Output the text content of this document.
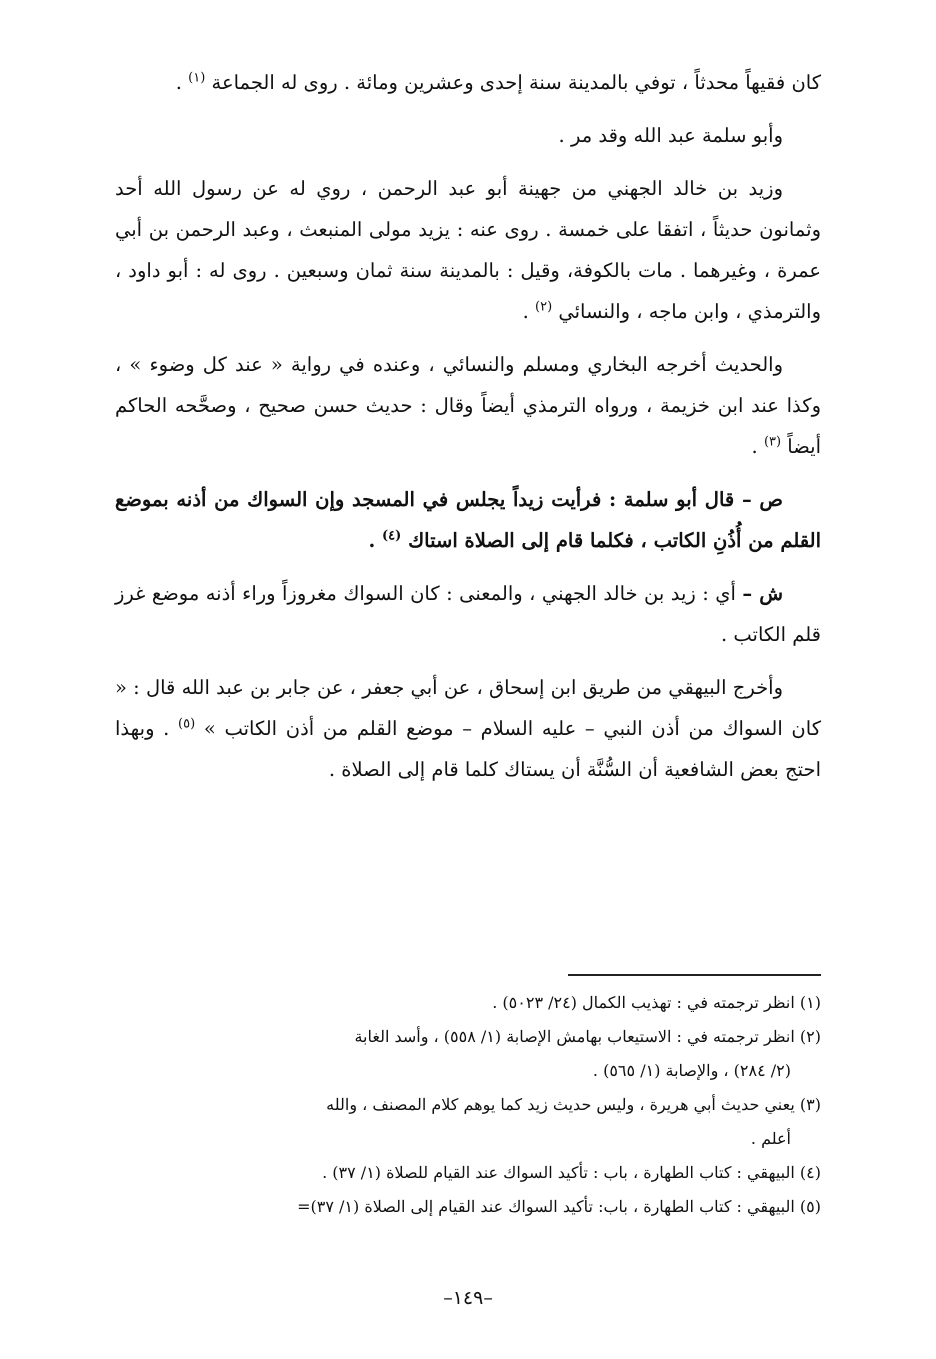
كان فقيهاً محدثاً ، توفي بالمدينة سنة إحدى وعشرين ومائة . روى له الجماعة $^{(١)}$ .

وأبو سلمة عبد الله وقد مر .

وزيد بن خالد الجهني من جهينة أبو عبد الرحمن ، روي له عن رسول الله أحد وثمانون حديثاً ، اتفقا على خمسة . روى عنه : يزيد مولى المنبعث ، وعبد الرحمن بن أبي عمرة ، وغيرهما . مات بالكوفة، وقيل : بالمدينة سنة ثمان وسبعين . روى له : أبو داود ، والترمذي ، وابن ماجه ، والنسائي $^{(٢)}$ .

والحديث أخرجه البخاري ومسلم والنسائي ، وعنده في رواية « عند كل وضوء » ، وكذا عند ابن خزيمة ، ورواه الترمذي أيضاً وقال : حديث حسن صحيح ، وصحَّحه الحاكم أيضاً $^{(٣)}$ .

ص – قال أبو سلمة : فرأيت زيداً يجلس في المسجد وإن السواك من أذنه بموضع القلم من أُذُنِ الكاتب ، فكلما قام إلى الصلاة استاك $^{(٤)}$ .

ش – أي : زيد بن خالد الجهني ، والمعنى : كان السواك مغروزاً وراء أذنه موضع غرز قلم الكاتب .

وأخرج البيهقي من طريق ابن إسحاق ، عن أبي جعفر ، عن جابر بن عبد الله قال : « كان السواك من أذن النبي – عليه السلام – موضع القلم من أذن الكاتب » $^{(٥)}$ . وبهذا احتج بعض الشافعية أن السُّنَّة أن يستاك كلما قام إلى الصلاة .

(١) انظر ترجمته في : تهذيب الكمال (٢٤/ ٥٠٢٣) .

(٢) انظر ترجمته في : الاستيعاب بهامش الإصابة (١/ ٥٥٨) ، وأسد الغابة

(٢/ ٢٨٤) ، والإصابة (١/ ٥٦٥) .

(٣) يعني حديث أبي هريرة ، وليس حديث زيد كما يوهم كلام المصنف ، والله

أعلم .

(٤) البيهقي : كتاب الطهارة ، باب : تأكيد السواك عند القيام للصلاة (١/ ٣٧) .

(٥) البيهقي : كتاب الطهارة ، باب: تأكيد السواك عند القيام إلى الصلاة (١/ ٣٧)=

–١٤٩–
